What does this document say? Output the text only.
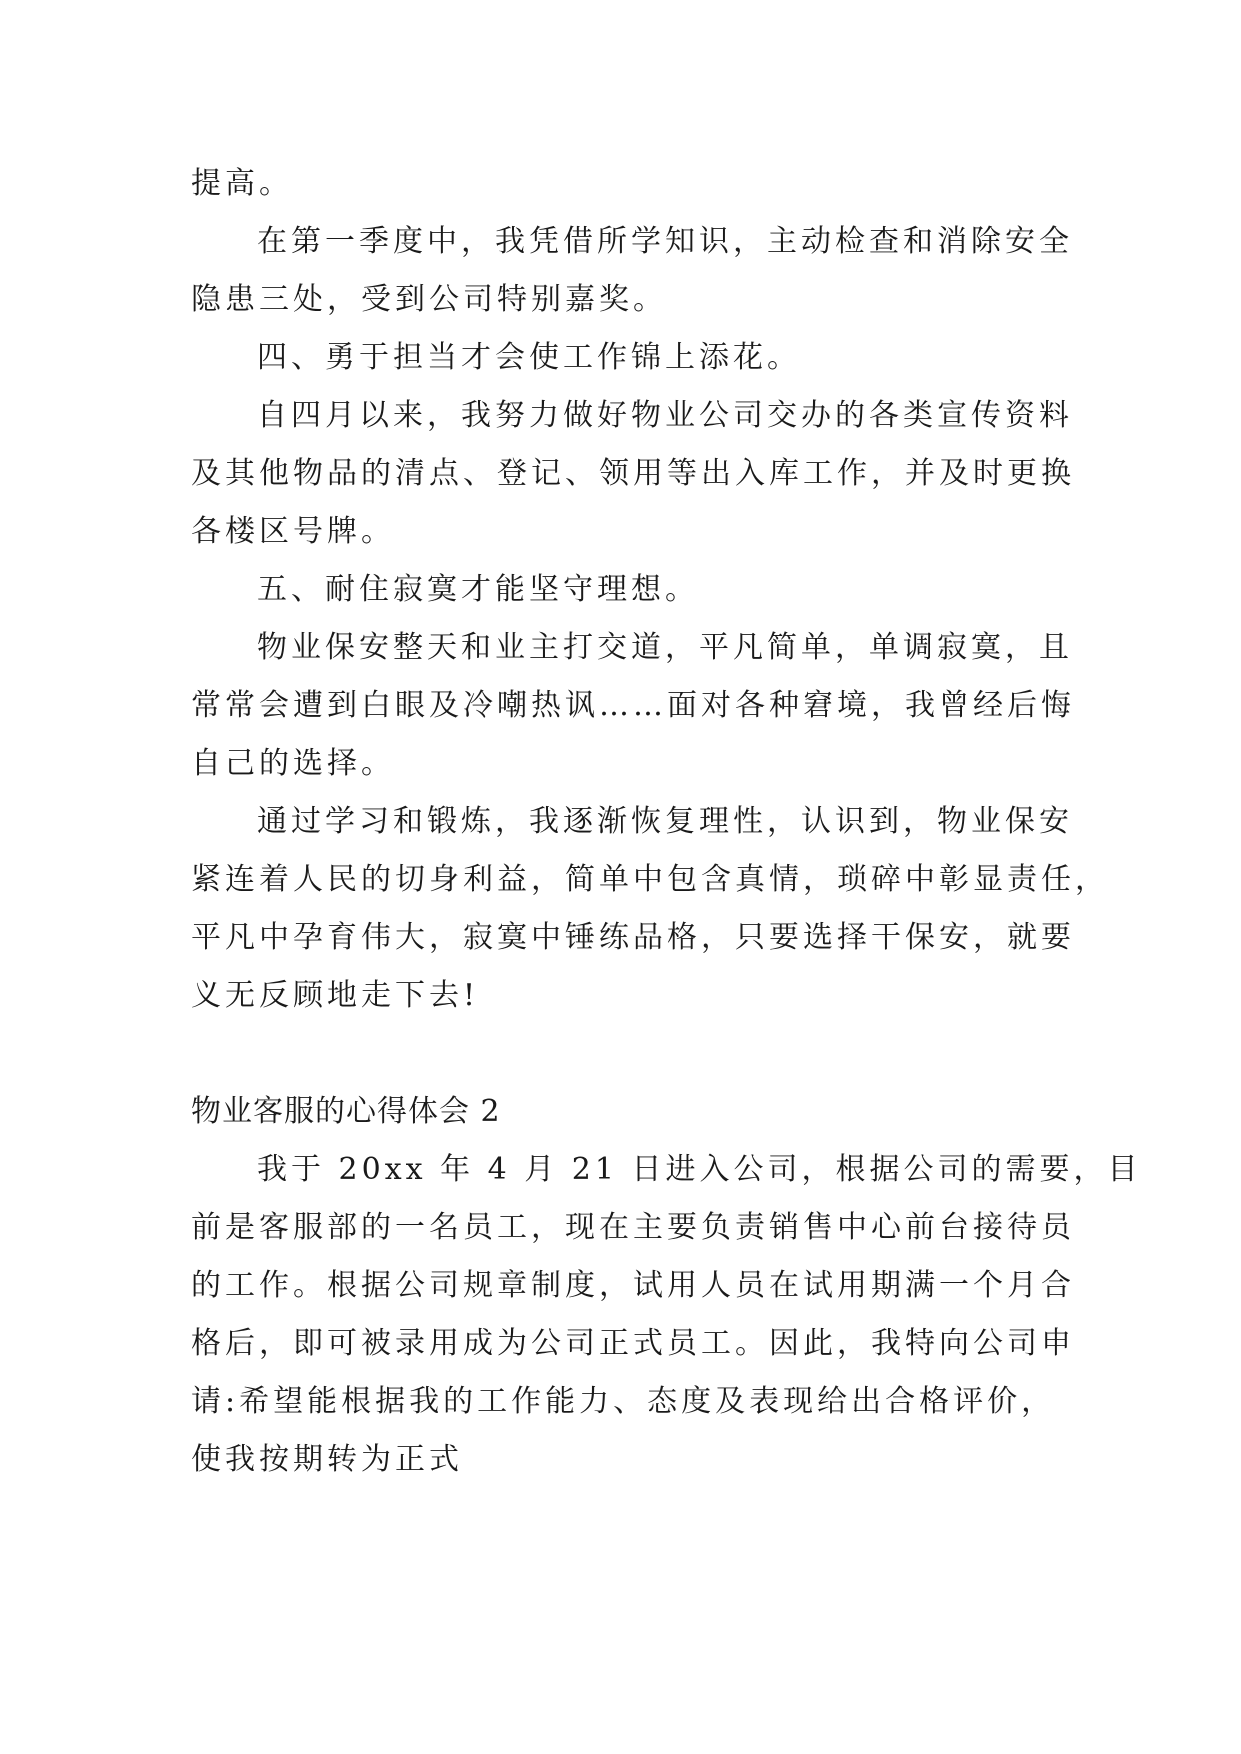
提高。
在第一季度中，我凭借所学知识，主动检查和消除安全
隐患三处，受到公司特别嘉奖。
四、勇于担当才会使工作锦上添花。
自四月以来，我努力做好物业公司交办的各类宣传资料
及其他物品的清点、登记、领用等出入库工作，并及时更换
各楼区号牌。
五、耐住寂寞才能坚守理想。
物业保安整天和业主打交道，平凡简单，单调寂寞，且
常常会遭到白眼及冷嘲热讽……面对各种窘境，我曾经后悔
自己的选择。
通过学习和锻炼，我逐渐恢复理性，认识到，物业保安
紧连着人民的切身利益，简单中包含真情，琐碎中彰显责任，
平凡中孕育伟大，寂寞中锤练品格，只要选择干保安，就要
义无反顾地走下去!
物业客服的心得体会 2
我于 20xx 年 4 月 21 日进入公司，根据公司的需要，目
前是客服部的一名员工，现在主要负责销售中心前台接待员
的工作。根据公司规章制度，试用人员在试用期满一个月合
格后，即可被录用成为公司正式员工。因此，我特向公司申
请:希望能根据我的工作能力、态度及表现给出合格评价，
使我按期转为正式
